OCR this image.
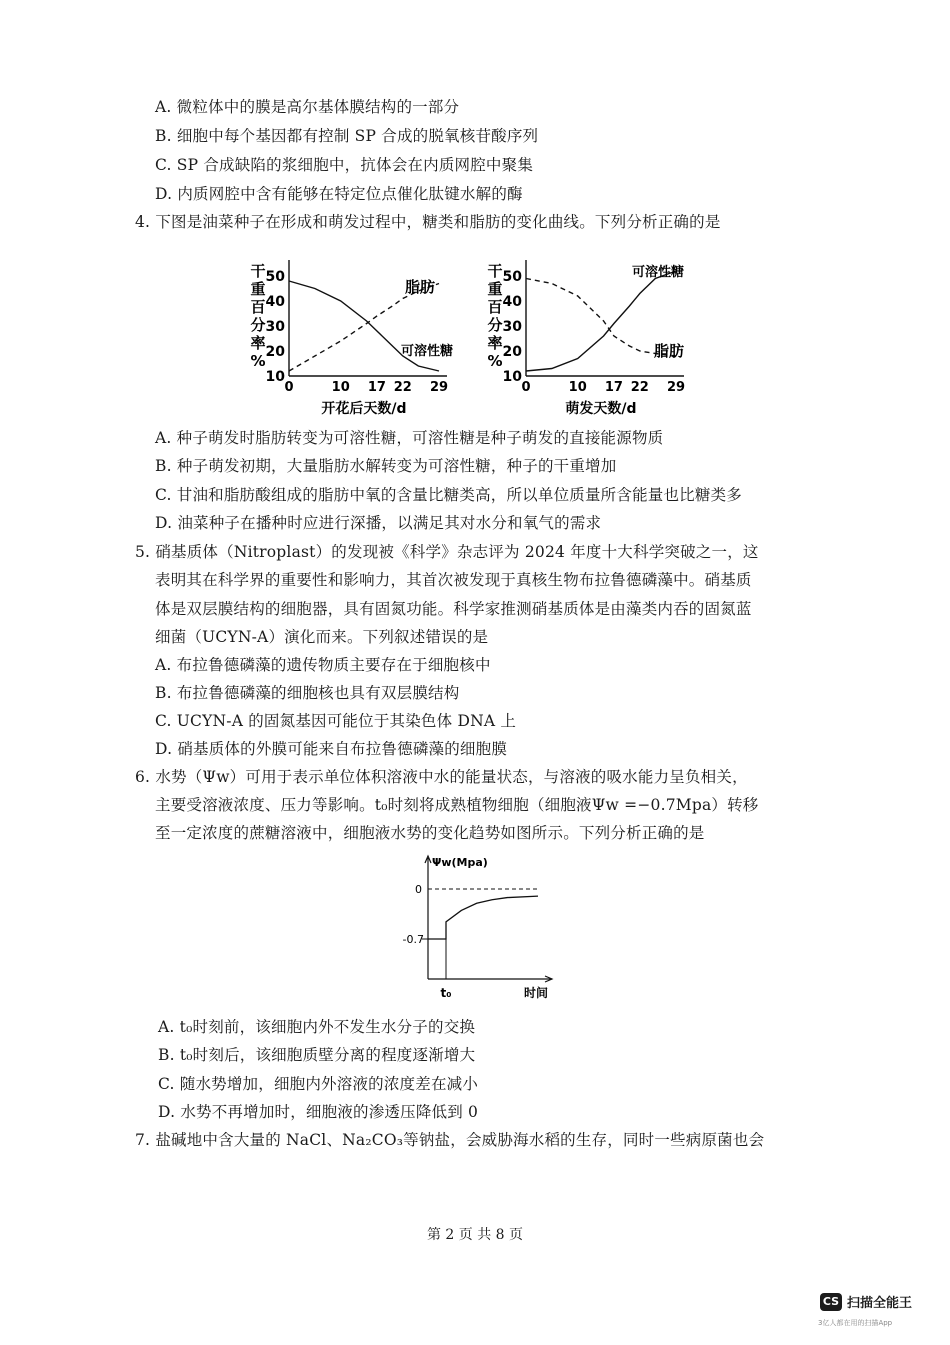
A. 微粒体中的膜是高尔基体膜结构的一部分
B. 细胞中每个基因都有控制 SP 合成的脱氧核苷酸序列
C. SP 合成缺陷的浆细胞中，抗体会在内质网腔中聚集
D. 内质网腔中含有能够在特定位点催化肽键水解的酶
4. 下图是油菜种子在形成和萌发过程中，糖类和脂肪的变化曲线。下列分析正确的是
干
重
百
分
率
%
10
20
30
40
50
0	10 17 22 29
开花后天数/d
脂肪
可溶性糖
干
重
百
分
率
%
10
20
30
40
50
0	10 17 22 29
萌发天数/d
可溶性糖
脂肪
A. 种子萌发时脂肪转变为可溶性糖，可溶性糖是种子萌发的直接能源物质
B. 种子萌发初期，大量脂肪水解转变为可溶性糖，种子的干重增加
C. 甘油和脂肪酸组成的脂肪中氧的含量比糖类高，所以单位质量所含能量也比糖类多
D. 油菜种子在播种时应进行深播，以满足其对水分和氧气的需求
5. 硝基质体（Nitroplast）的发现被《科学》杂志评为 2024 年度十大科学突破之一，这
表明其在科学界的重要性和影响力，其首次被发现于真核生物布拉鲁德磷藻中。硝基质
体是双层膜结构的细胞器，具有固氮功能。科学家推测硝基质体是由藻类内吞的固氮蓝
细菌（UCYN-A）演化而来。下列叙述错误的是
A. 布拉鲁德磷藻的遗传物质主要存在于细胞核中
B. 布拉鲁德磷藻的细胞核也具有双层膜结构
C. UCYN-A 的固氮基因可能位于其染色体 DNA 上
D. 硝基质体的外膜可能来自布拉鲁德磷藻的细胞膜
6. 水势（Ψw）可用于表示单位体积溶液中水的能量状态，与溶液的吸水能力呈负相关，
主要受溶液浓度、压力等影响。t₀时刻将成熟植物细胞（细胞液Ψw =−0.7Mpa）转移
至一定浓度的蔗糖溶液中，细胞液水势的变化趋势如图所示。下列分析正确的是
Ψw(Mpa)
0
-0.7
t₀	时间
A. t₀时刻前，该细胞内外不发生水分子的交换
B. t₀时刻后，该细胞质壁分离的程度逐渐增大
C. 随水势增加，细胞内外溶液的浓度差在减小
D. 水势不再增加时，细胞液的渗透压降低到 0
7. 盐碱地中含大量的 NaCl、Na₂CO₃等钠盐，会威胁海水稻的生存，同时一些病原菌也会
第 2 页 共 8 页
CS 扫描全能王
3亿人都在用的扫描App
